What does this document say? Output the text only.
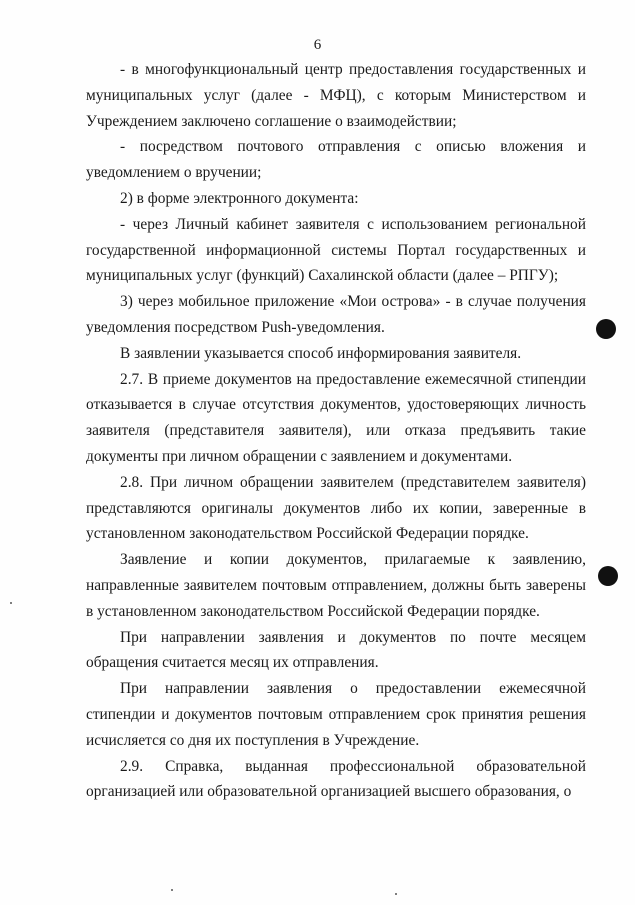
6

- в многофункциональный центр предоставления государственных и муниципальных услуг (далее - МФЦ), с которым Министерством и Учреждением заключено соглашение о взаимодействии;

- посредством почтового отправления с описью вложения и уведомлением о вручении;

2) в форме электронного документа:

- через Личный кабинет заявителя с использованием региональной государственной информационной системы Портал государственных и муниципальных услуг (функций) Сахалинской области (далее – РПГУ);

3) через мобильное приложение «Мои острова» - в случае получения уведомления посредством Push-уведомления.

В заявлении указывается способ информирования заявителя.

2.7. В приеме документов на предоставление ежемесячной стипендии отказывается в случае отсутствия документов, удостоверяющих личность заявителя (представителя заявителя), или отказа предъявить такие документы при личном обращении с заявлением и документами.

2.8. При личном обращении заявителем (представителем заявителя) представляются оригиналы документов либо их копии, заверенные в установленном законодательством Российской Федерации порядке.

Заявление и копии документов, прилагаемые к заявлению, направленные заявителем почтовым отправлением, должны быть заверены в установленном законодательством Российской Федерации порядке.

При направлении заявления и документов по почте месяцем обращения считается месяц их отправления.

При направлении заявления о предоставлении ежемесячной стипендии и документов почтовым отправлением срок принятия решения исчисляется со дня их поступления в Учреждение.

2.9. Справка, выданная профессиональной образовательной организацией или образовательной организацией высшего образования, о
